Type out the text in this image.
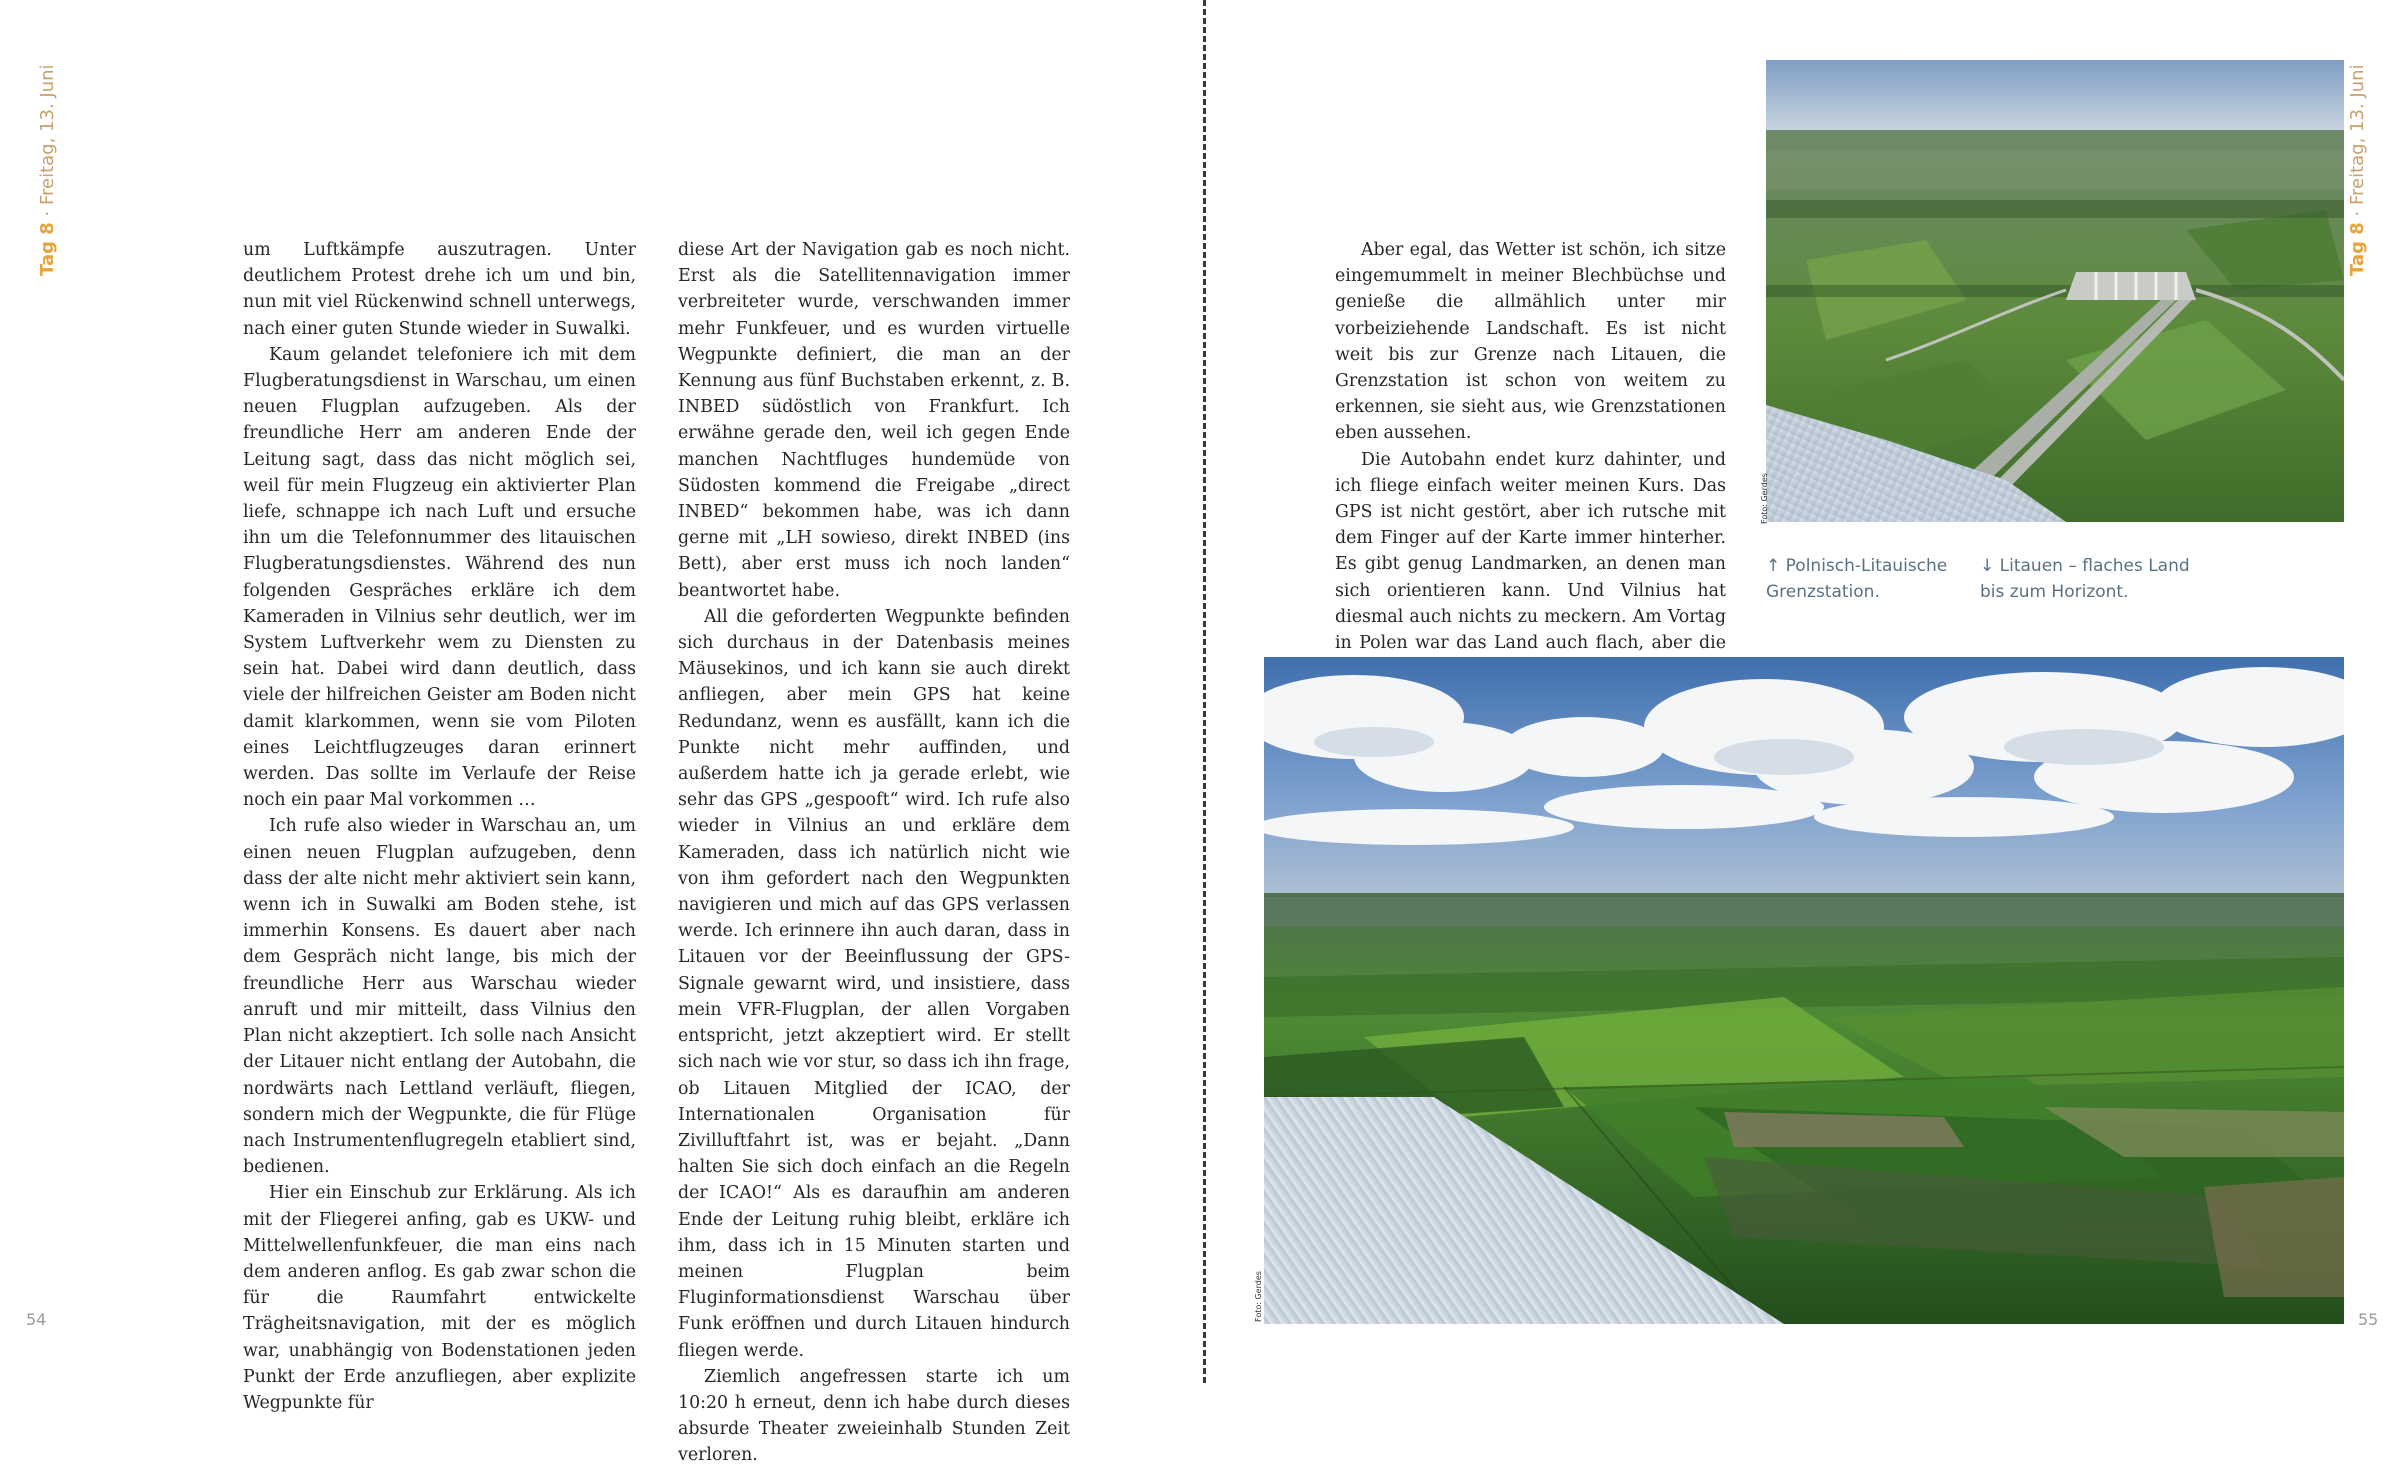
Tag 8 · Freitag, 13. Juni
Tag 8 · Freitag, 13. Juni

um Luftkämpfe auszutragen. Unter deutlichem Protest drehe ich um und bin, nun mit viel Rückenwind schnell unterwegs, nach einer guten Stunde wieder in Suwalki.

Kaum gelandet telefoniere ich mit dem Flugberatungsdienst in Warschau, um einen neuen Flugplan aufzugeben. Als der freundliche Herr am anderen Ende der Leitung sagt, dass das nicht möglich sei, weil für mein Flugzeug ein aktivierter Plan liefe, schnappe ich nach Luft und ersuche ihn um die Telefonnummer des litauischen Flugberatungsdienstes. Während des nun folgenden Gespräches erkläre ich dem Kameraden in Vilnius sehr deutlich, wer im System Luftverkehr wem zu Diensten zu sein hat. Dabei wird dann deutlich, dass viele der hilfreichen Geister am Boden nicht damit klarkommen, wenn sie vom Piloten eines Leichtflugzeuges daran erinnert werden. Das sollte im Verlaufe der Reise noch ein paar Mal vorkommen …

Ich rufe also wieder in Warschau an, um einen neuen Flugplan aufzugeben, denn dass der alte nicht mehr aktiviert sein kann, wenn ich in Suwalki am Boden stehe, ist immerhin Konsens. Es dauert aber nach dem Gespräch nicht lange, bis mich der freundliche Herr aus Warschau wieder anruft und mir mitteilt, dass Vilnius den Plan nicht akzeptiert. Ich solle nach Ansicht der Litauer nicht entlang der Autobahn, die nordwärts nach Lettland verläuft, fliegen, sondern mich der Wegpunkte, die für Flüge nach Instrumentenflugregeln etabliert sind, bedienen.

Hier ein Einschub zur Erklärung. Als ich mit der Fliegerei anfing, gab es UKW- und Mittelwellenfunkfeuer, die man eins nach dem anderen anflog. Es gab zwar schon die für die Raumfahrt entwickelte Trägheitsnavigation, mit der es möglich war, unabhängig von Bodenstationen jeden Punkt der Erde anzufliegen, aber explizite Wegpunkte für

diese Art der Navigation gab es noch nicht. Erst als die Satellitennavigation immer verbreiteter wurde, verschwanden immer mehr Funkfeuer, und es wurden virtuelle Wegpunkte definiert, die man an der Kennung aus fünf Buchstaben erkennt, z. B. INBED südöstlich von Frankfurt. Ich erwähne gerade den, weil ich gegen Ende manchen Nachtfluges hundemüde von Südosten kommend die Freigabe „direct INBED“ bekommen habe, was ich dann gerne mit „LH sowieso, direkt INBED (ins Bett), aber erst muss ich noch landen“ beantwortet habe.

All die geforderten Wegpunkte befinden sich durchaus in der Datenbasis meines Mäusekinos, und ich kann sie auch direkt anfliegen, aber mein GPS hat keine Redundanz, wenn es ausfällt, kann ich die Punkte nicht mehr auffinden, und außerdem hatte ich ja gerade erlebt, wie sehr das GPS „gespooft“ wird. Ich rufe also wieder in Vilnius an und erkläre dem Kameraden, dass ich natürlich nicht wie von ihm gefordert nach den Wegpunkten navigieren und mich auf das GPS verlassen werde. Ich erinnere ihn auch daran, dass in Litauen vor der Beeinflussung der GPS-Signale gewarnt wird, und insistiere, dass mein VFR-Flugplan, der allen Vorgaben entspricht, jetzt akzeptiert wird. Er stellt sich nach wie vor stur, so dass ich ihn frage, ob Litauen Mitglied der ICAO, der Internationalen Organisation für Zivilluftfahrt ist, was er bejaht. „Dann halten Sie sich doch einfach an die Regeln der ICAO!“ Als es daraufhin am anderen Ende der Leitung ruhig bleibt, erkläre ich ihm, dass ich in 15 Minuten starten und meinen Flugplan beim Fluginformationsdienst Warschau über Funk eröffnen und durch Litauen hindurch fliegen werde.

Ziemlich angefressen starte ich um 10:20 h erneut, denn ich habe durch dieses absurde Theater zweieinhalb Stunden Zeit verloren.

Aber egal, das Wetter ist schön, ich sitze eingemummelt in meiner Blechbüchse und genieße die allmählich unter mir vorbeiziehende Landschaft. Es ist nicht weit bis zur Grenze nach Litauen, die Grenzstation ist schon von weitem zu erkennen, sie sieht aus, wie Grenzstationen eben aussehen.

Die Autobahn endet kurz dahinter, und ich fliege einfach weiter meinen Kurs. Das GPS ist nicht gestört, aber ich rutsche mit dem Finger auf der Karte immer hinterher. Es gibt genug Landmarken, an denen man sich orientieren kann. Und Vilnius hat diesmal auch nichts zu meckern. Am Vortag in Polen war das Land auch flach, aber die

Foto: Gerdes
↑ Polnisch-Litauische Grenzstation.
↓ Litauen – flaches Land bis zum Horizont.
Foto: Gerdes
54	55
